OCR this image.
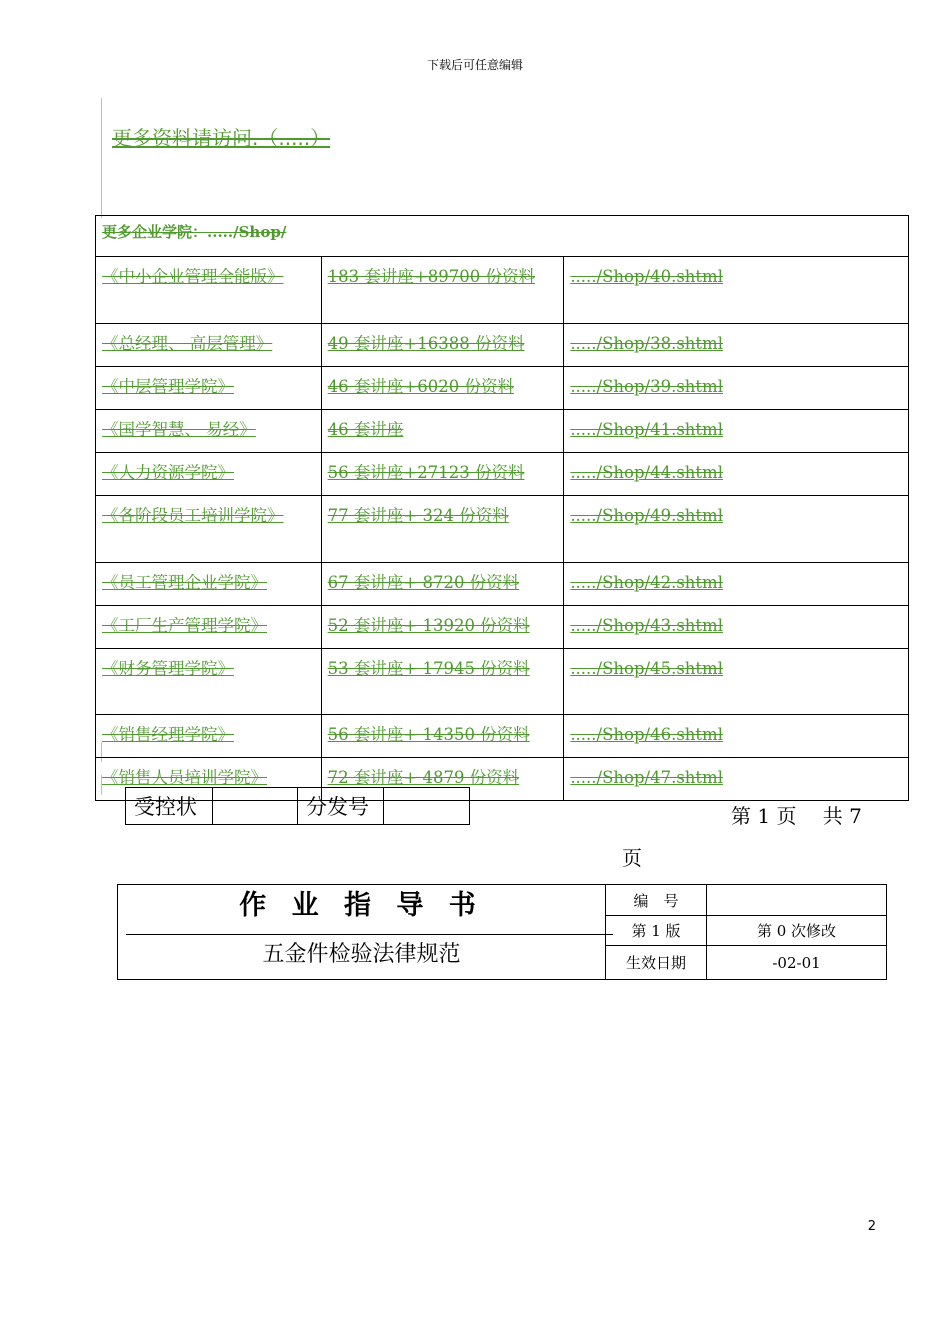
下载后可任意编辑
更多资料请访问.（.....）
更多企业学院：...../Shop/		
《中小企业管理全能版》	183 套讲座+89700 份资料	...../Shop/40.shtml
《总经理、 高层管理》	49 套讲座+16388 份资料	...../Shop/38.shtml
《中层管理学院》	46 套讲座+6020 份资料	...../Shop/39.shtml
《国学智慧、 易经》	46 套讲座	...../Shop/41.shtml
《人力资源学院》	56 套讲座+27123 份资料	...../Shop/44.shtml
《各阶段员工培训学院》	77 套讲座+ 324 份资料	...../Shop/49.shtml
《员工管理企业学院》	67 套讲座+ 8720 份资料	...../Shop/42.shtml
《工厂生产管理学院》	52 套讲座+ 13920 份资料	...../Shop/43.shtml
《财务管理学院》	53 套讲座+ 17945 份资料	...../Shop/45.shtml
《销售经理学院》	56 套讲座+ 14350 份资料	...../Shop/46.shtml
《销售人员培训学院》	72 套讲座+ 4879 份资料	...../Shop/47.shtml
受控状		分发号		第 1 页　 共 7
页
作 业 指 导 书
五金件检验法律规范	编　号	
	第 1 版	第 0 次修改
	生效日期	-02-01
2
